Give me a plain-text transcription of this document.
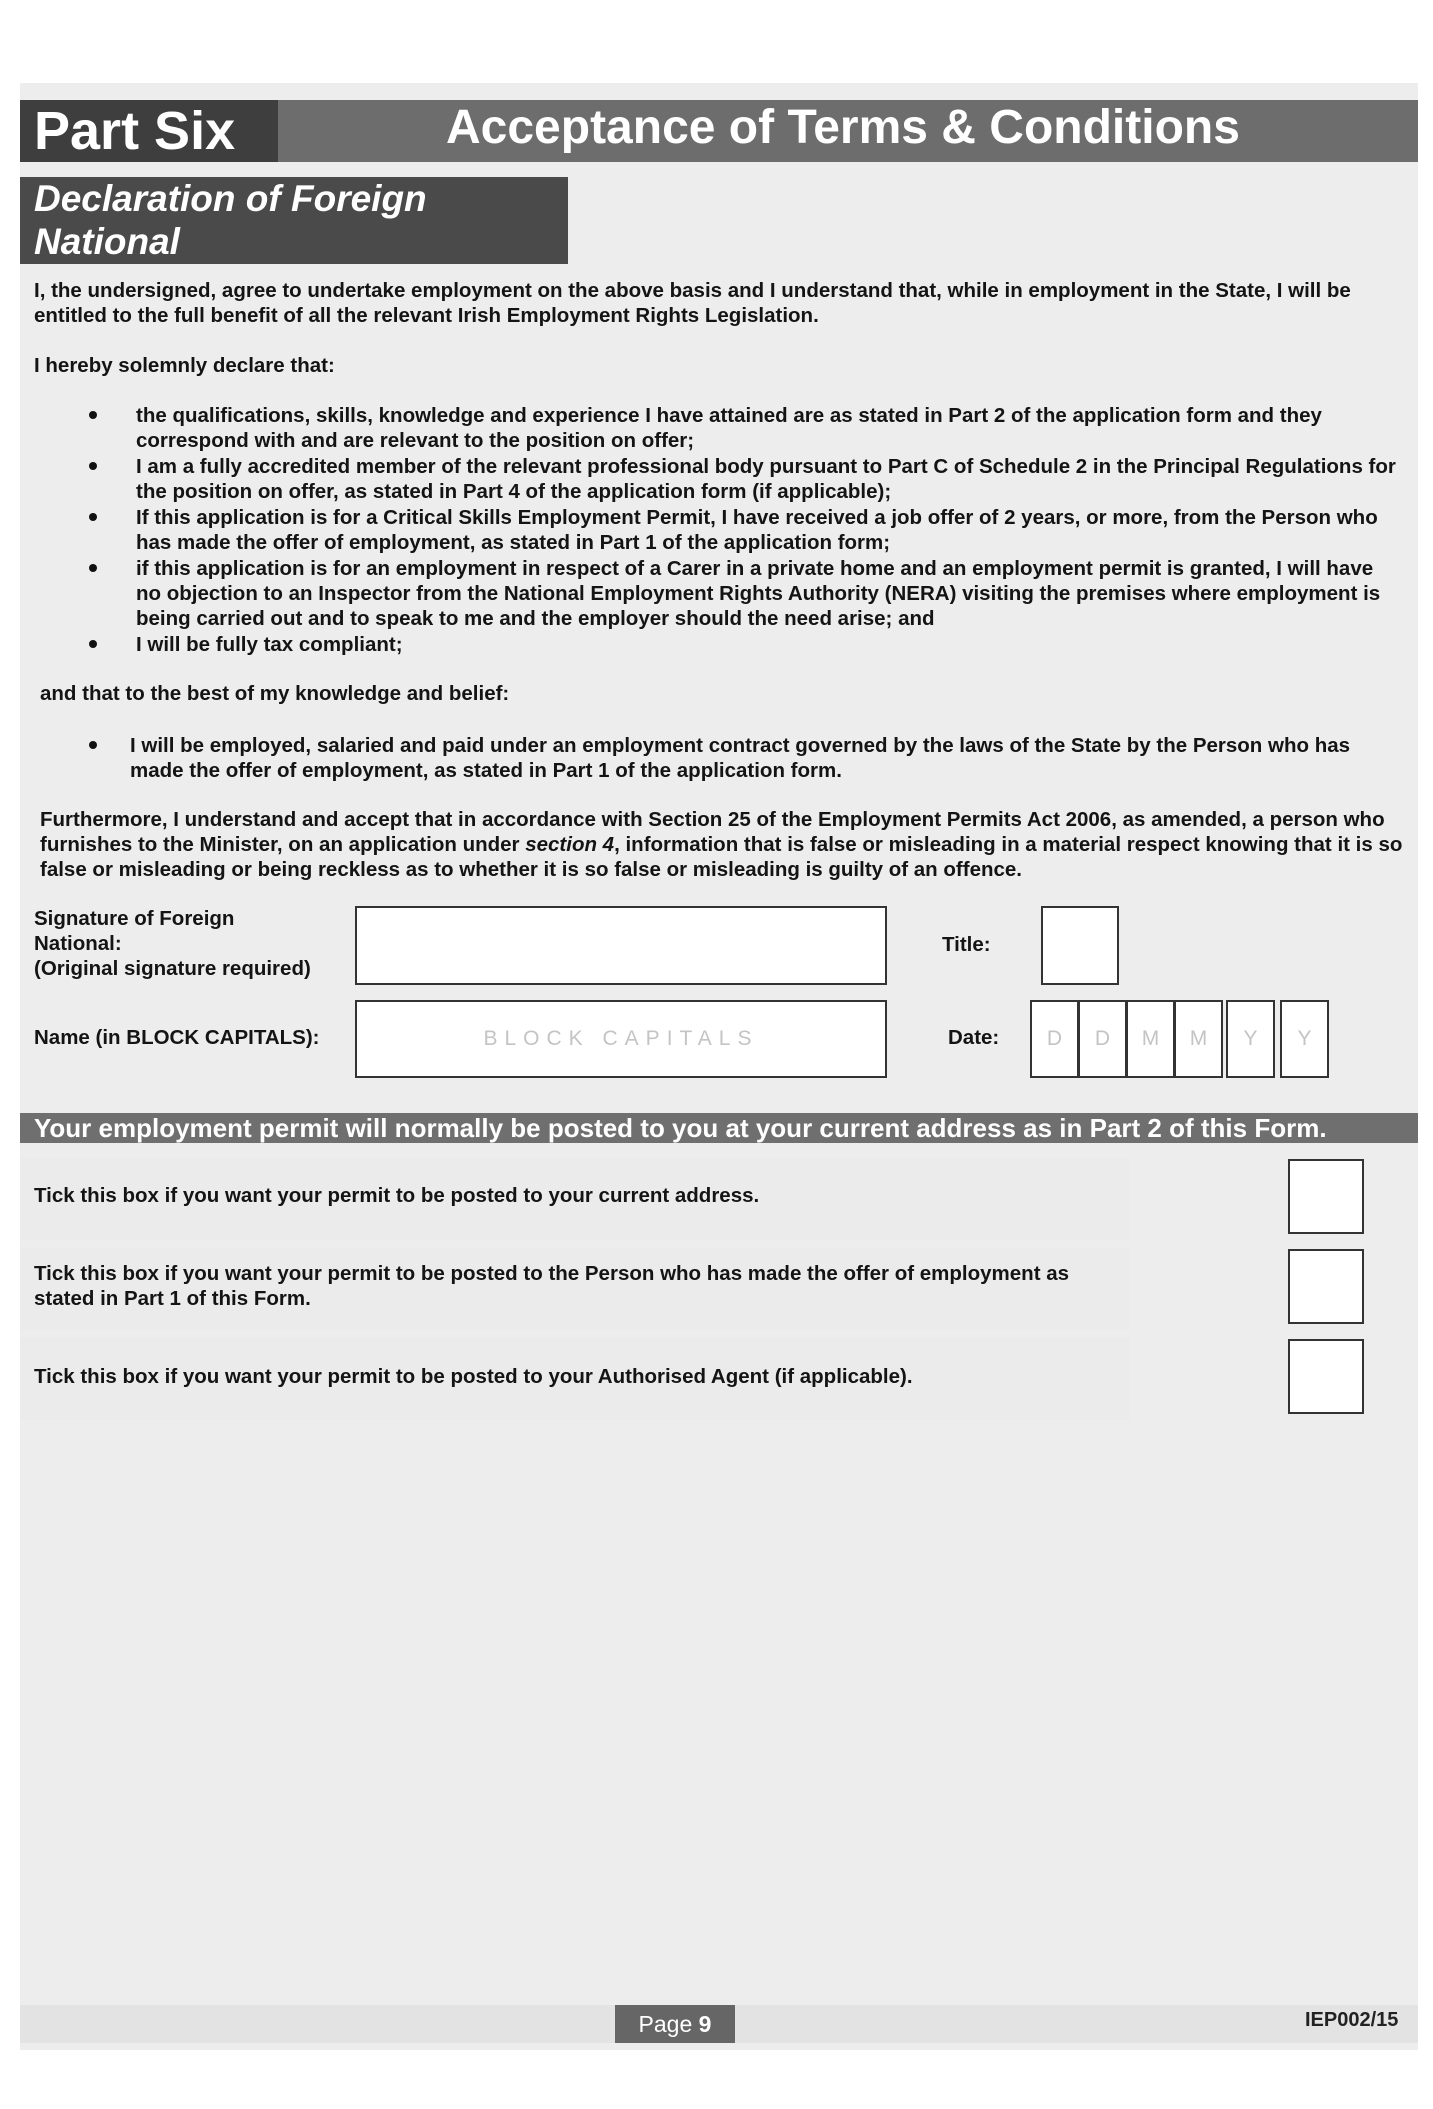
Part Six	Acceptance of Terms & Conditions
Declaration of Foreign National
I, the undersigned, agree to undertake employment on the above basis and I understand that, while in employment in the State, I will be entitled to the full benefit of all the relevant Irish Employment Rights Legislation.
I hereby solemnly declare that:
the qualifications, skills, knowledge and experience I have attained are as stated in Part 2 of the application form and they correspond with and are relevant to the position on offer;
I am a fully accredited member of the relevant professional body pursuant to Part C of Schedule 2 in the Principal Regulations for the position on offer, as stated in Part 4 of the application form (if applicable);
If this application is for a Critical Skills Employment Permit, I have received a job offer of 2 years, or more, from the Person who has made the offer of employment, as stated in Part 1 of the application form;
if this application is for an employment in respect of a Carer in a private home and an employment permit is granted, I will have no objection to an Inspector from the National Employment Rights Authority (NERA) visiting the premises where employment is being carried out and to speak to me and the employer should the need arise; and
I will be fully tax compliant;
and that to the best of my knowledge and belief:
I will be employed, salaried and paid under an employment contract governed by the laws of the State by the Person who has made the offer of employment, as stated in Part 1 of the application form.
Furthermore, I understand and accept that in accordance with Section 25 of the Employment Permits Act 2006, as amended, a person who furnishes to the Minister, on an application under section 4, information that is false or misleading in a material respect knowing that it is so false or misleading or being reckless as to whether it is so false or misleading is guilty of an offence.
Signature of Foreign
National:
(Original signature required)
Title:
Name (in BLOCK CAPITALS):	BLOCK CAPITALS	Date:	D	D	M	M	Y	Y
Your employment permit will normally be posted to you at your current address as in Part 2 of this Form.
Tick this box if you want your permit to be posted to your current address.
Tick this box if you want your permit to be posted to the Person who has made the offer of employment as stated in Part 1 of this Form.
Tick this box if you want your permit to be posted to your Authorised Agent (if applicable).
Page 9	IEP002/15
